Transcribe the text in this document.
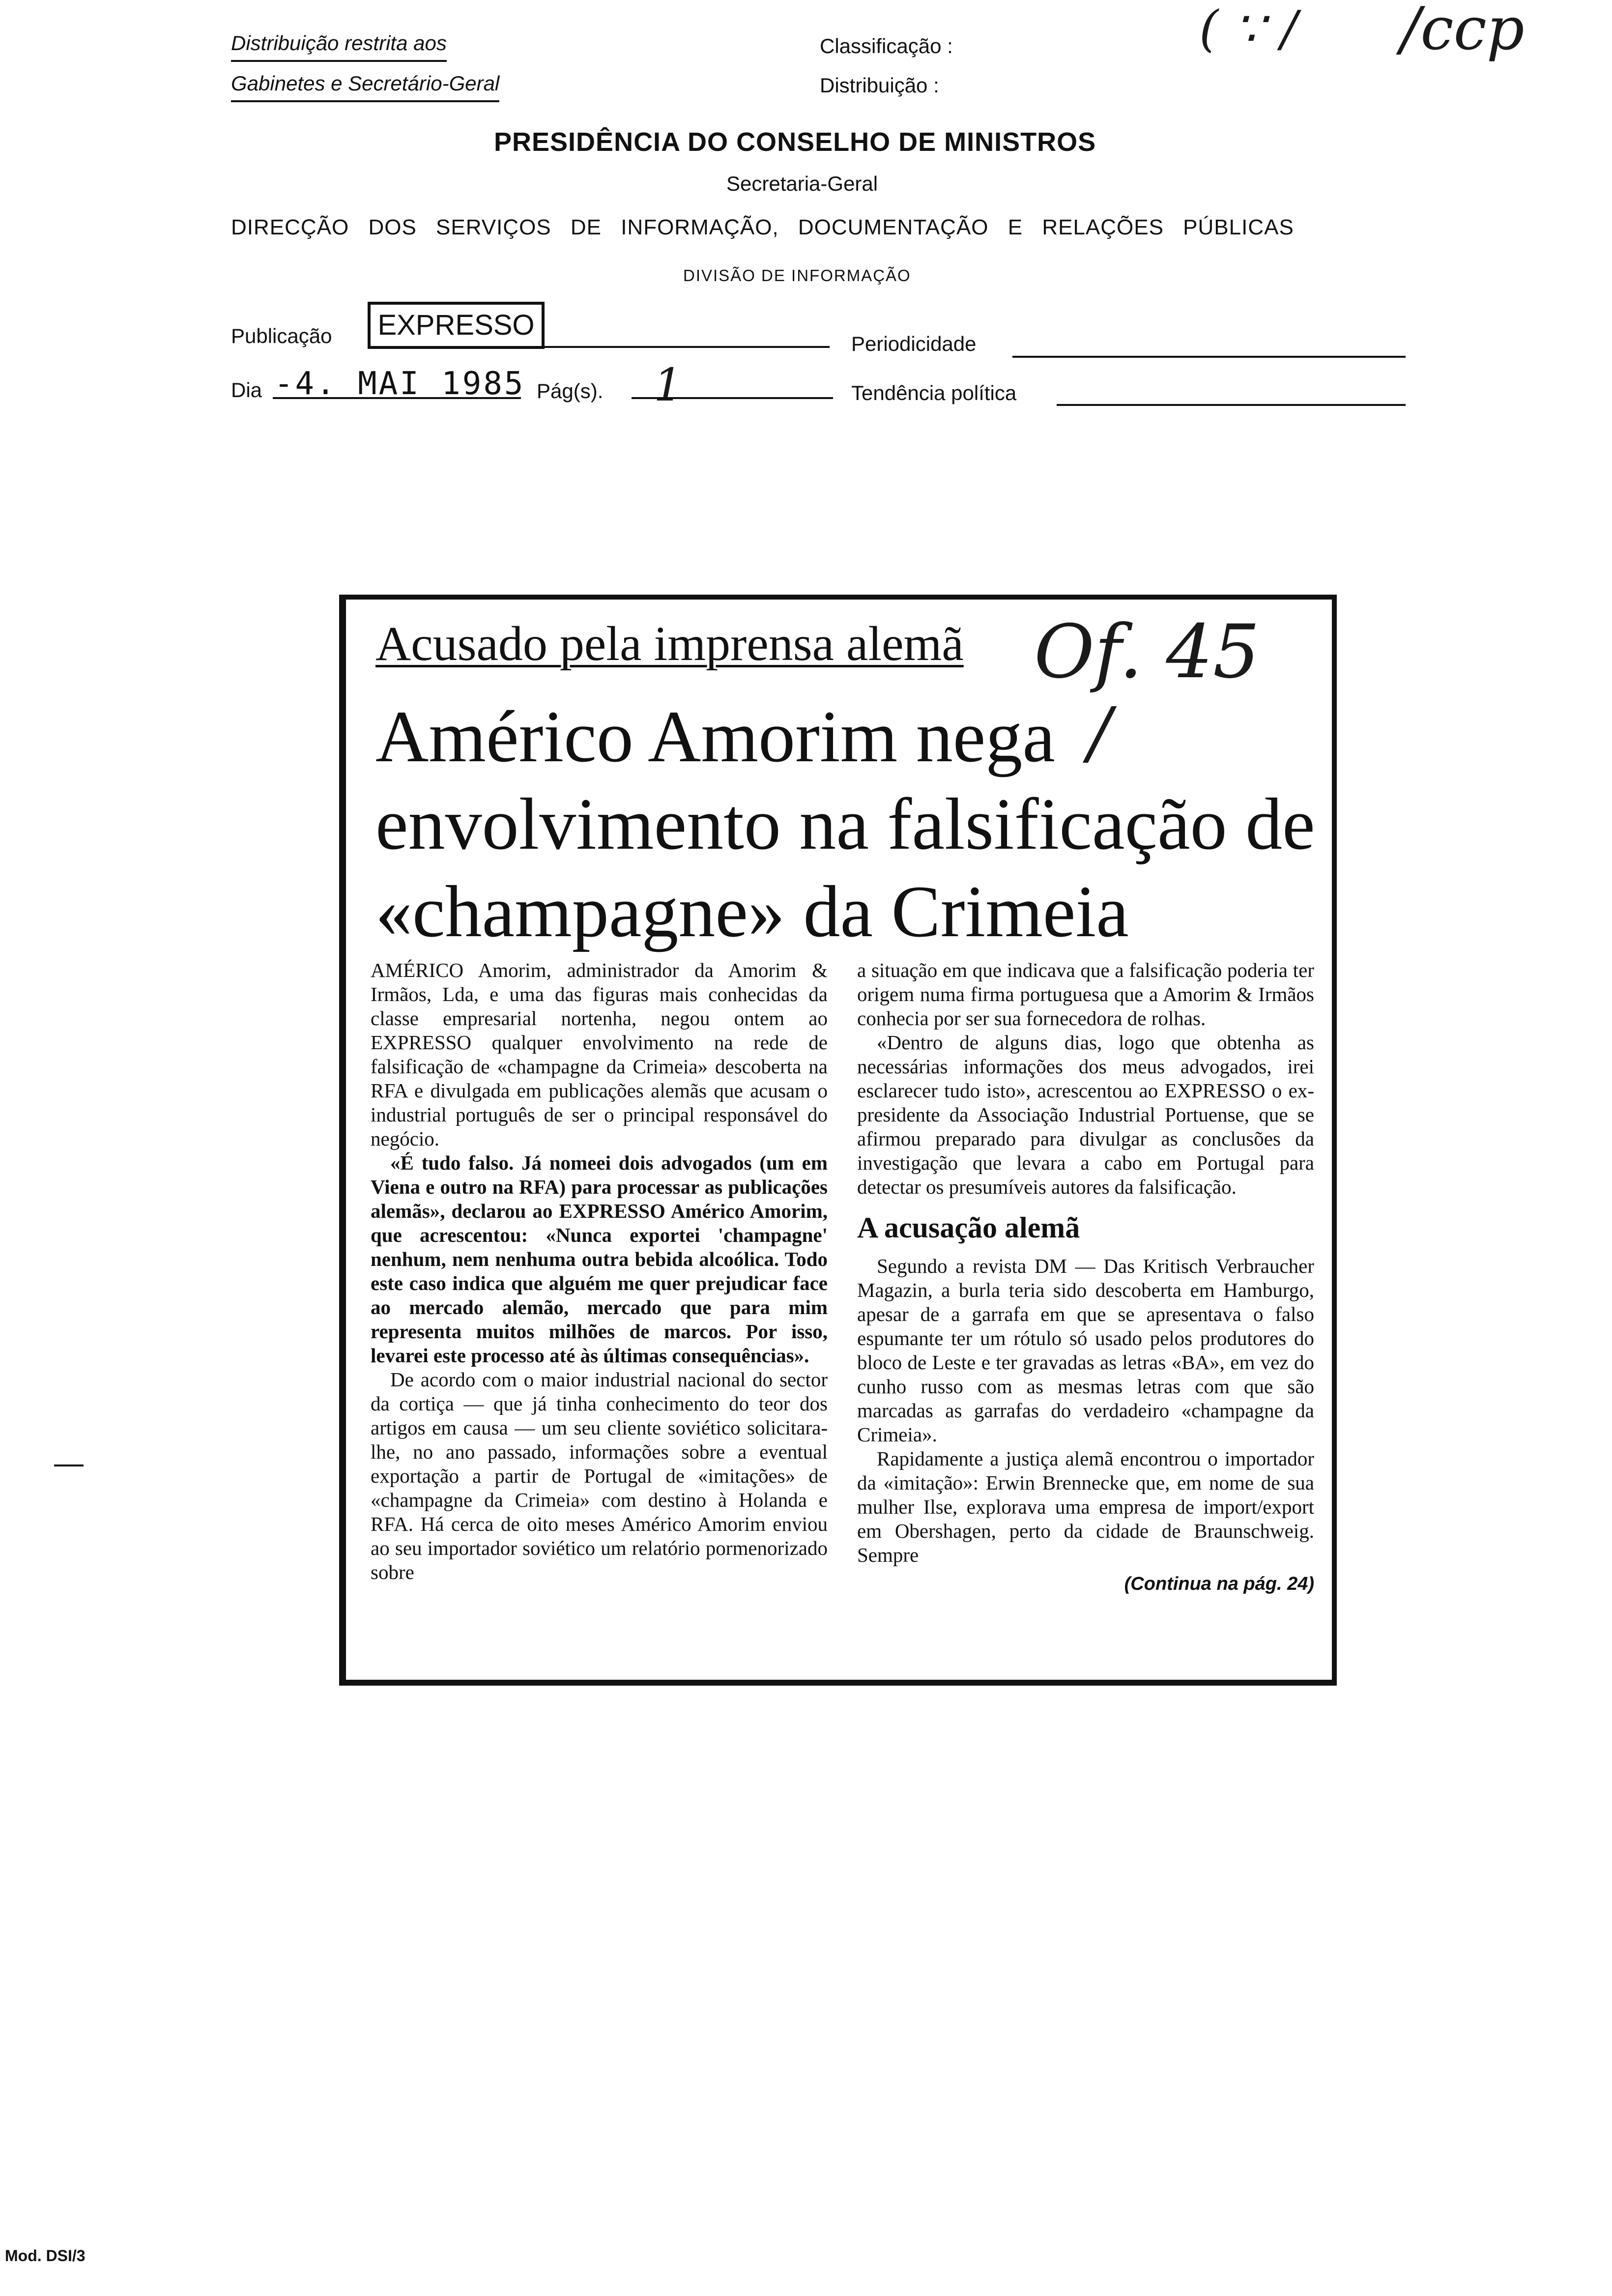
Distribuição restrita aos
Gabinetes e Secretário-Geral
Classificação :
Distribuição :
( ∵ ∕ /ccp
PRESIDÊNCIA DO CONSELHO DE MINISTROS
Secretaria-Geral
DIRECÇÃO DOS SERVIÇOS DE INFORMAÇÃO, DOCUMENTAÇÃO E RELAÇÕES PÚBLICAS
DIVISÃO DE INFORMAÇÃO
Publicação	EXPRESSO
Periodicidade
Dia -4. MAI 1985 Pág(s). 1	Tendência política
Acusado pela imprensa alemã Of. 45
/
Américo Amorim nega envolvimento na falsificação de «champagne» da Crimeia

AMÉRICO Amorim, administrador da Amorim & Irmãos, Lda, e uma das figuras mais conhecidas da classe empresarial nortenha, negou ontem ao EXPRESSO qualquer envolvimento na rede de falsificação de «champagne da Crimeia» descoberta na RFA e divulgada em publicações alemãs que acusam o industrial português de ser o principal responsável do negócio.

«É tudo falso. Já nomeei dois advogados (um em Viena e outro na RFA) para processar as publicações alemãs», declarou ao EXPRESSO Américo Amorim, que acrescentou: «Nunca exportei 'champagne' nenhum, nem nenhuma outra bebida alcoólica. Todo este caso indica que alguém me quer prejudicar face ao mercado alemão, mercado que para mim representa muitos milhões de marcos. Por isso, levarei este processo até às últimas consequências».

De acordo com o maior industrial nacional do sector da cortiça — que já tinha conhecimento do teor dos artigos em causa — um seu cliente soviético solicitara-lhe, no ano passado, informações sobre a eventual exportação a partir de Portugal de «imitações» de «champagne da Crimeia» com destino à Holanda e RFA. Há cerca de oito meses Américo Amorim enviou ao seu importador soviético um relatório pormenorizado sobre

a situação em que indicava que a falsificação poderia ter origem numa firma portuguesa que a Amorim & Irmãos conhecia por ser sua fornecedora de rolhas.

«Dentro de alguns dias, logo que obtenha as necessárias informações dos meus advogados, irei esclarecer tudo isto», acrescentou ao EXPRESSO o ex-presidente da Associação Industrial Portuense, que se afirmou preparado para divulgar as conclusões da investigação que levara a cabo em Portugal para detectar os presumíveis autores da falsificação.

A acusação alemã

Segundo a revista DM — Das Kritisch Verbraucher Magazin, a burla teria sido descoberta em Hamburgo, apesar de a garrafa em que se apresentava o falso espumante ter um rótulo só usado pelos produtores do bloco de Leste e ter gravadas as letras «BA», em vez do cunho russo com as mesmas letras com que são marcadas as garrafas do verdadeiro «champagne da Crimeia».

Rapidamente a justiça alemã encontrou o importador da «imitação»: Erwin Brennecke que, em nome de sua mulher Ilse, explorava uma empresa de import/export em Obershagen, perto da cidade de Braunschweig. Sempre

(Continua na pág. 24)

Mod. DSI/3
